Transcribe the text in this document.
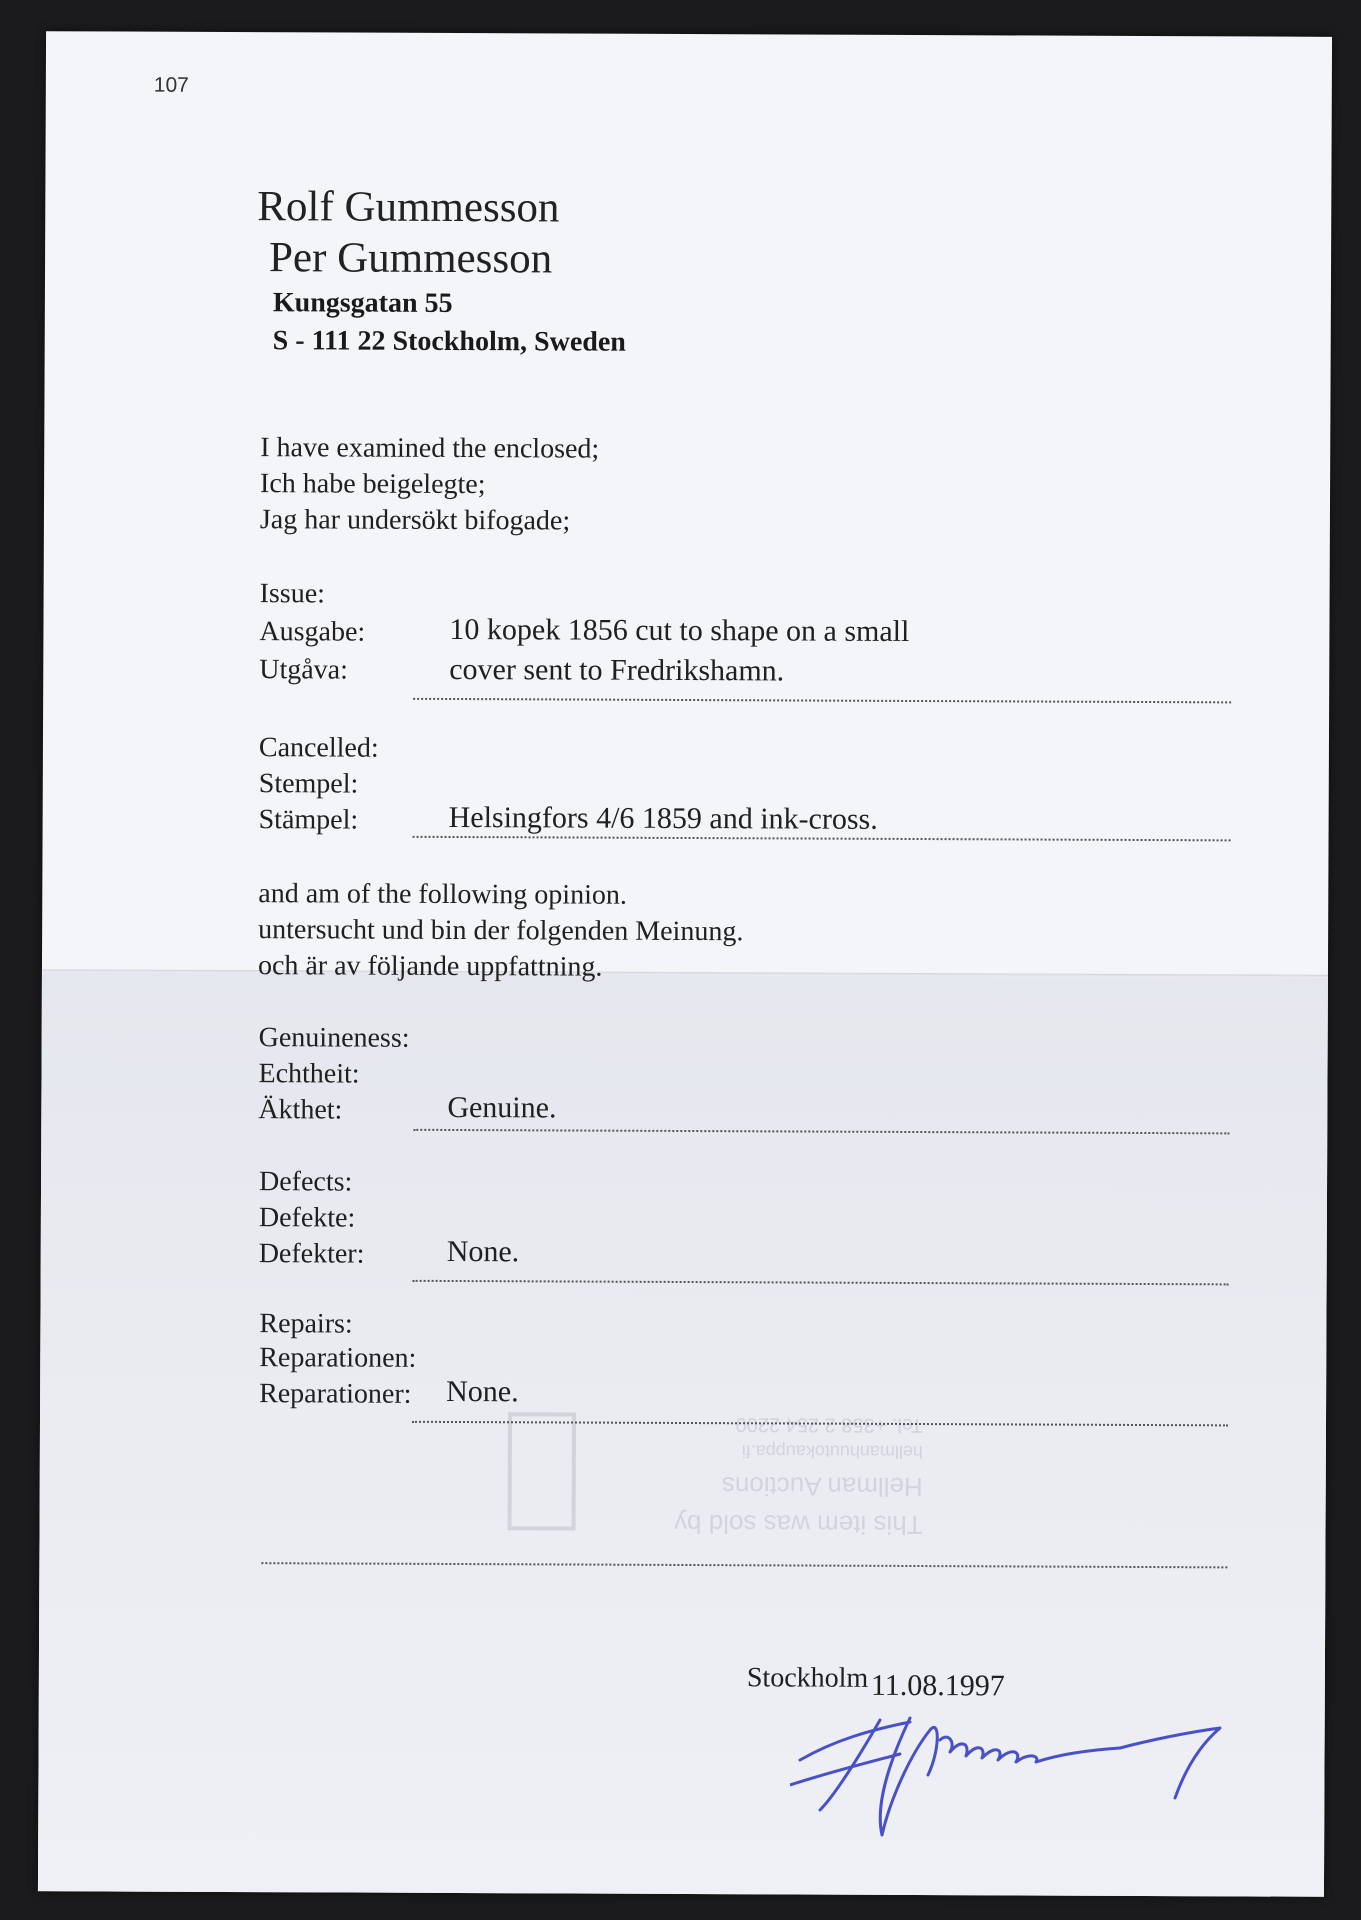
107
Rolf Gummesson
Per Gummesson
Kungsgatan 55
S - 111 22 Stockholm, Sweden
I have examined the enclosed;
Ich habe beigelegte;
Jag har undersökt bifogade;
Issue:
Ausgabe:
Utgåva:
10 kopek 1856 cut to shape on a small
cover sent to Fredrikshamn.
Cancelled:
Stempel:
Stämpel:	Helsingfors 4/6 1859 and ink-cross.
and am of the following opinion.
untersucht und bin der folgenden Meinung.
och är av följande uppfattning.
Genuineness:
Echtheit:
Äkthet:	Genuine.
Defects:
Defekte:
Defekter:	None.
Repairs:
Reparationen:
Reparationer: None.
This item was sold by
Hellman Auctions
hellmanhuutokauppa.fi
Tel. +358 2 254 2200
Stockholm 11.08.1997
